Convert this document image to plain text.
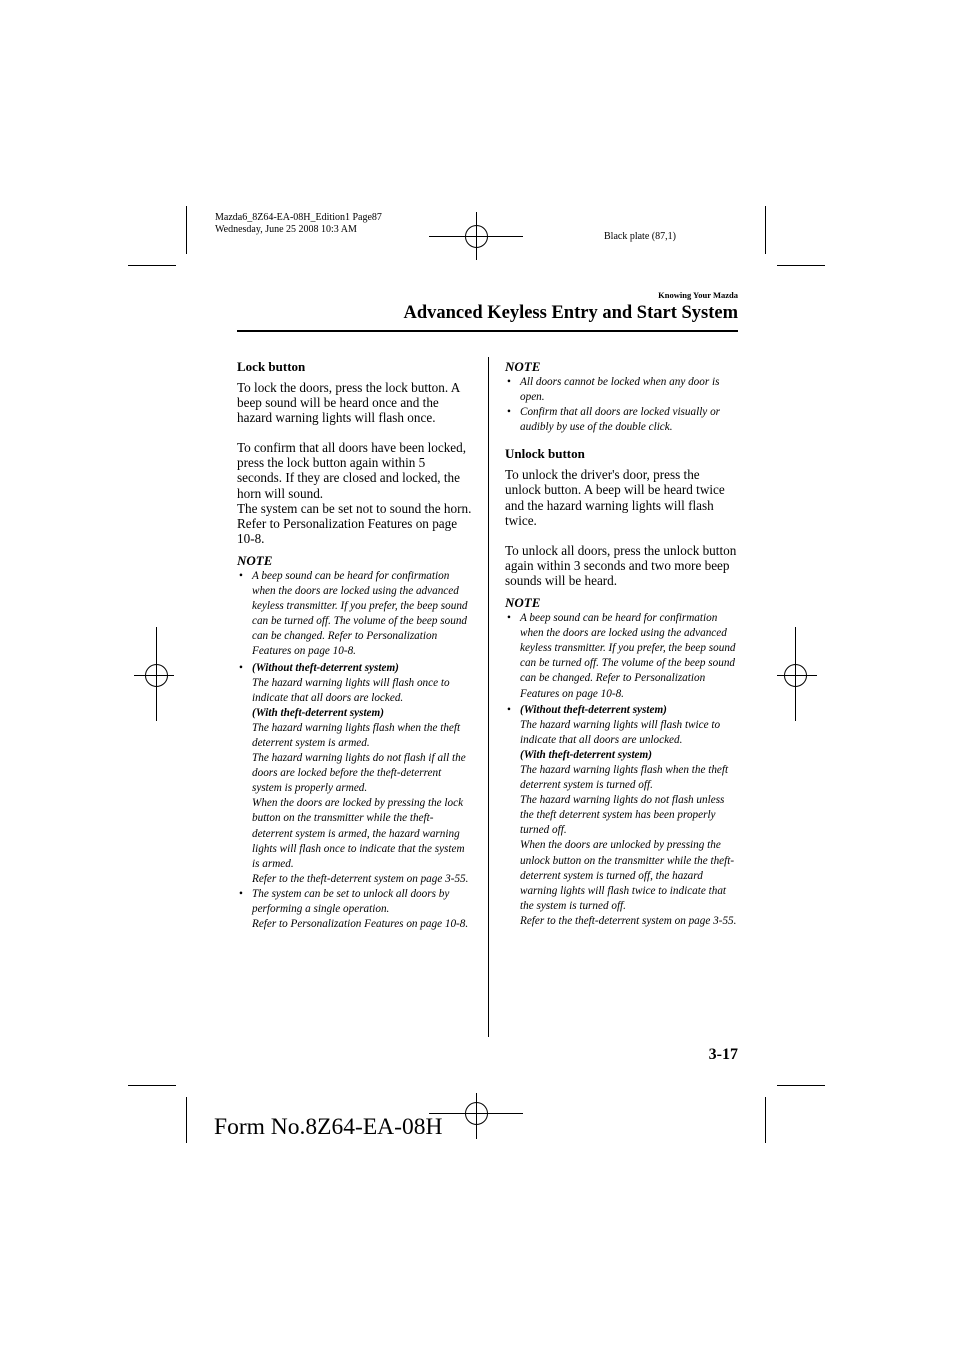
Mazda6_8Z64-EA-08H_Edition1 Page87
Wednesday, June 25 2008 10:3 AM
Black plate (87,1)
Knowing Your Mazda
Advanced Keyless Entry and Start System

Lock button

To lock the doors, press the lock button. A beep sound will be heard once and the hazard warning lights will flash once.

To confirm that all doors have been locked, press the lock button again within 5 seconds. If they are closed and locked, the horn will sound.

The system can be set not to sound the horn.

Refer to Personalization Features on page 10-8.

NOTE

• A beep sound can be heard for confirmation when the doors are locked using the advanced keyless transmitter. If you prefer, the beep sound can be turned off. The volume of the beep sound can be changed. Refer to Personalization Features on page 10-8.
• (Without theft-deterrent system)
The hazard warning lights will flash once to indicate that all doors are locked.
(With theft-deterrent system)
The hazard warning lights flash when the theft deterrent system is armed.
The hazard warning lights do not flash if all the doors are locked before the theft-deterrent system is properly armed.
When the doors are locked by pressing the lock button on the transmitter while the theft-deterrent system is armed, the hazard warning lights will flash once to indicate that the system is armed.
Refer to the theft-deterrent system on page 3-55.
• The system can be set to unlock all doors by performing a single operation.
Refer to Personalization Features on page 10-8.

NOTE

• All doors cannot be locked when any door is open.
• Confirm that all doors are locked visually or audibly by use of the double click.

Unlock button

To unlock the driver's door, press the unlock button. A beep will be heard twice and the hazard warning lights will flash twice.

To unlock all doors, press the unlock button again within 3 seconds and two more beep sounds will be heard.

NOTE

• A beep sound can be heard for confirmation when the doors are locked using the advanced keyless transmitter. If you prefer, the beep sound can be turned off. The volume of the beep sound can be changed. Refer to Personalization Features on page 10-8.
• (Without theft-deterrent system)
The hazard warning lights will flash twice to indicate that all doors are unlocked.
(With theft-deterrent system)
The hazard warning lights flash when the theft deterrent system is turned off.
The hazard warning lights do not flash unless the theft deterrent system has been properly turned off.
When the doors are unlocked by pressing the unlock button on the transmitter while the theft-deterrent system is turned off, the hazard warning lights will flash twice to indicate that the system is turned off.
Refer to the theft-deterrent system on page 3-55.
3-17
Form No.8Z64-EA-08H
